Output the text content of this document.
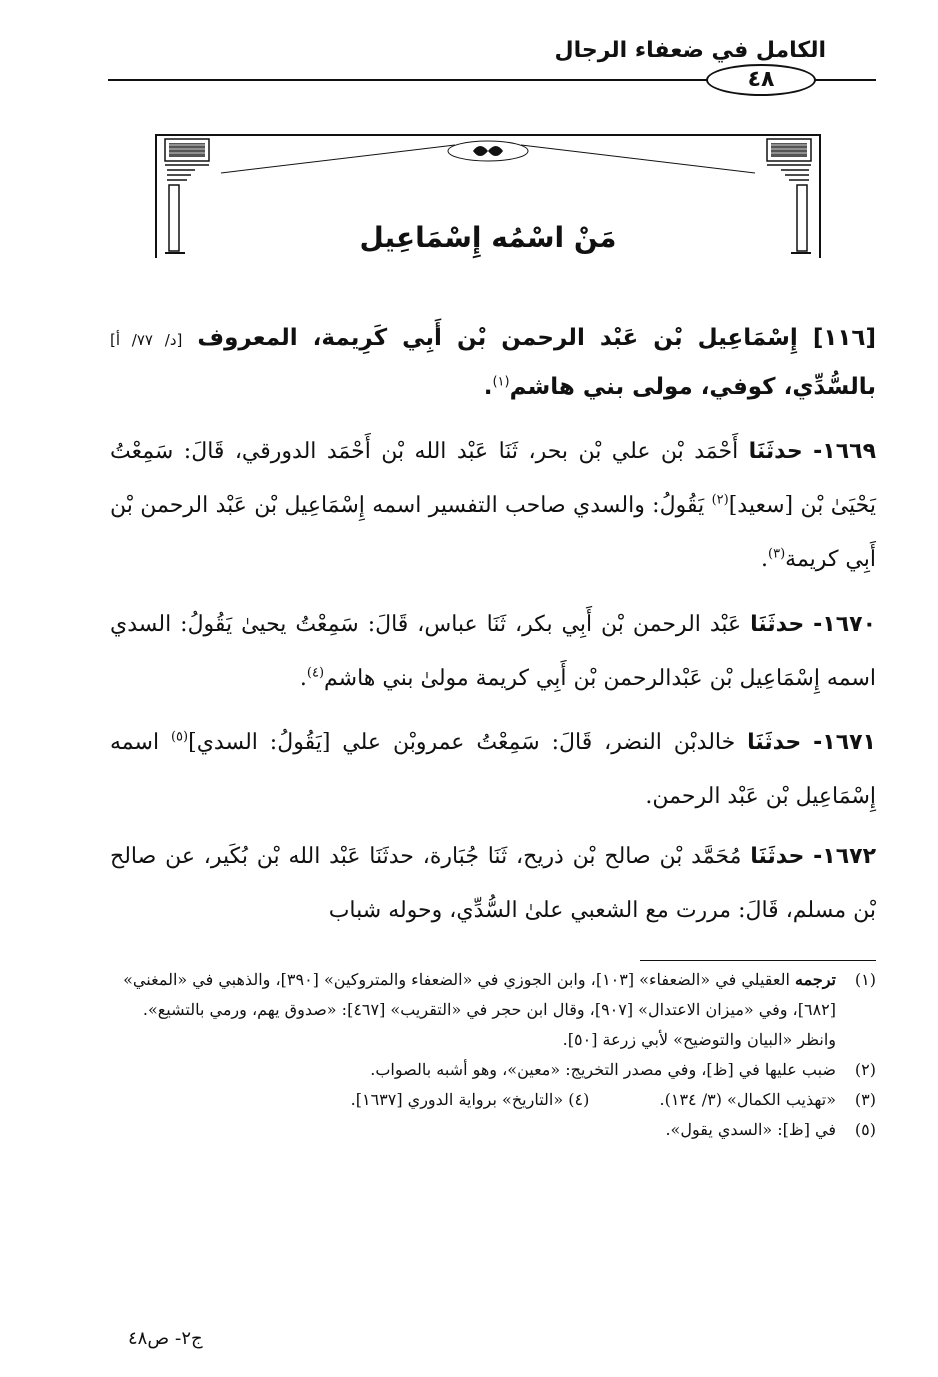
الكامل في ضعفاء الرجال
٤٨
مَنْ اسْمُه إِسْمَاعِيل
[١١٦] إِسْمَاعِيل بْن عَبْد الرحمن بْن أَبِي كَرِيمة، المعروف [د/ ٧٧/ أ] بالسُّدِّي، كوفي، مولى بني هاشم$^{(١)}$.
١٦٦٩- حدثَنَا أَحْمَد بْن علي بْن بحر، ثَنَا عَبْد الله بْن أَحْمَد الدورقي، قَالَ: سَمِعْتُ يَحْيَىٰ بْن [سعيد]$^{(٢)}$ يَقُولُ: والسدي صاحب التفسير اسمه إِسْمَاعِيل بْن عَبْد الرحمن بْن أَبِي كريمة$^{(٣)}$.
١٦٧٠- حدثَنَا عَبْد الرحمن بْن أَبِي بكر، ثَنَا عباس، قَالَ: سَمِعْتُ يحيىٰ يَقُولُ: السدي اسمه إِسْمَاعِيل بْن عَبْدالرحمن بْن أَبِي كريمة مولىٰ بني هاشم$^{(٤)}$.
١٦٧١- حدثَنَا خالدبْن النضر، قَالَ: سَمِعْتُ عمروبْن علي [يَقُولُ: السدي]$^{(٥)}$ اسمه إِسْمَاعِيل بْن عَبْد الرحمن.
١٦٧٢- حدثَنَا مُحَمَّد بْن صالح بْن ذريح، ثَنَا جُبَارة، حدثَنَا عَبْد الله بْن بُكَير، عن صالح بْن مسلم، قَالَ: مررت مع الشعبي علىٰ السُّدِّي، وحوله شباب
(١)
ترجمه العقيلي في «الضعفاء» [١٠٣]، وابن الجوزي في «الضعفاء والمتروكين» [٣٩٠]، والذهبي في «المغني» [٦٨٢]، وفي «ميزان الاعتدال» [٩٠٧]، وقال ابن حجر في «التقريب» [٤٦٧]: «صدوق يهم، ورمي بالتشيع».
وانظر «البيان والتوضيح» لأبي زرعة [٥٠].
(٢)
ضبب عليها في [ظ]، وفي مصدر التخريج: «معين»، وهو أشبه بالصواب.
(٣)
«تهذيب الكمال» (٣/ ١٣٤).  (٤) «التاريخ» برواية الدوري [١٦٣٧].
(٥)
في [ظ]: «السدي يقول».
ج٢- ص٤٨
